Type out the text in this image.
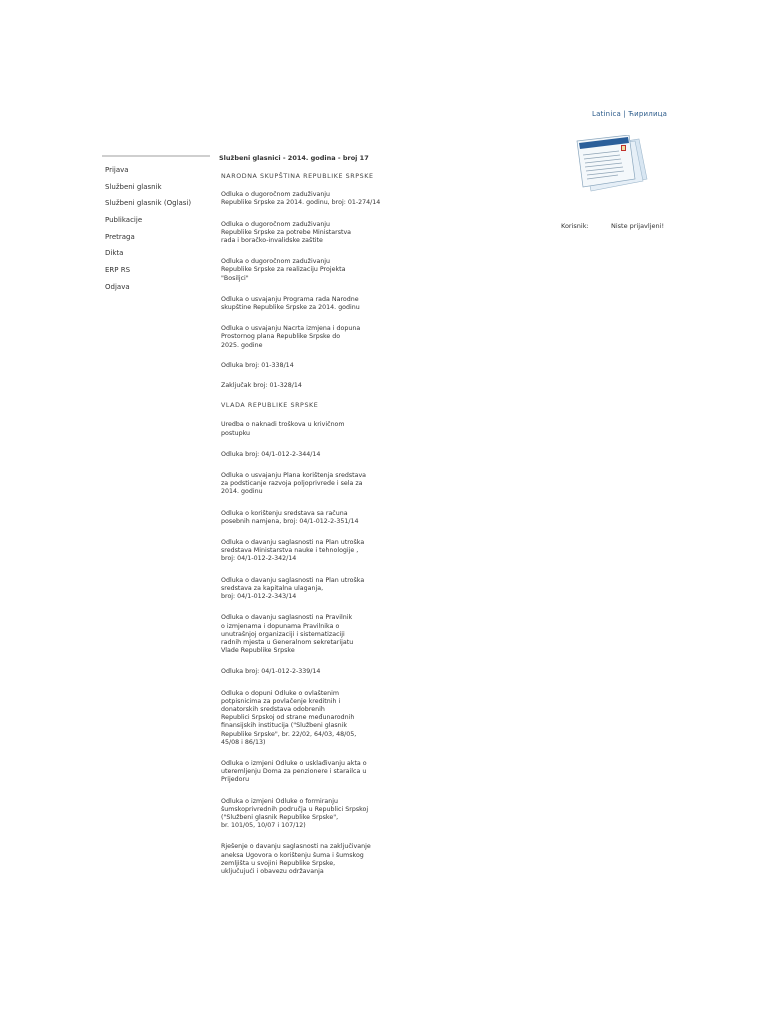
Latinica | Ћирилица
Prijava
Službeni glasnik
Službeni glasnik (Oglasi)
Publikacije
Pretraga
Dikta
ERP RS
Odjava
Službeni glasnici - 2014. godina - broj 17
NARODNA SKUPŠTINA REPUBLIKE SRPSKE
Odluka o dugoročnom zaduživanju
Republike Srpske za 2014. godinu, broj: 01-274/14
Odluka o dugoročnom zaduživanju
Republike Srpske za potrebe Ministarstva
rada i boračko-invalidske zaštite
Odluka o dugoročnom zaduživanju
Republike Srpske za realizaciju Projekta
"Bosiljci"
Odluka o usvajanju Programa rada Narodne
skupštine Republike Srpske za 2014. godinu
Odluka o usvajanju Nacrta izmjena i dopuna
Prostornog plana Republike Srpske do
2025. godine
Odluka broj: 01-338/14
Zaključak broj: 01-328/14
VLADA REPUBLIKE SRPSKE
Uredba o naknadi troškova u krivičnom
postupku
Odluka broj: 04/1-012-2-344/14
Odluka o usvajanju Plana korištenja sredstava
za podsticanje razvoja poljoprivrede i sela za
2014. godinu
Odluka o korištenju sredstava sa računa
posebnih namjena, broj: 04/1-012-2-351/14
Odluka o davanju saglasnosti na Plan utroška
sredstava Ministarstva nauke i tehnologije ,
broj: 04/1-012-2-342/14
Odluka o davanju saglasnosti na Plan utroška
sredstava za kapitalna ulaganja,
broj: 04/1-012-2-343/14
Odluka o davanju saglasnosti na Pravilnik
o izmjenama i dopunama Pravilnika o
unutrašnjoj organizaciji i sistematizaciji
radnih mjesta u Generalnom sekretarijatu
Vlade Republike Srpske
Odluka broj: 04/1-012-2-339/14
Odluka o dopuni Odluke o ovlaštenim
potpisnicima za povlačenje kreditnih i
donatorskih sredstava odobrenih
Republici Srpskoj od strane međunarodnih
finansijskih institucija ("Službeni glasnik
Republike Srpske", br. 22/02, 64/03, 48/05,
45/08 i 86/13)
Odluka o izmjeni Odluke o usklađivanju akta o
uteremljenju Doma za penzionere i starailca u
Prijedoru
Odluka o izmjeni Odluke o formiranju
šumskoprivrednih područja u Republici Srpskoj
("Službeni glasnik Republike Srpske",
br. 101/05, 10/07 i 107/12)
Rješenje o davanju saglasnosti na zaključivanje
aneksa Ugovora o korištenju šuma i šumskog
zemljišta u svojini Republike Srpske,
uključujući i obavezu održavanja
Korisnik:	Niste prijavljeni!
